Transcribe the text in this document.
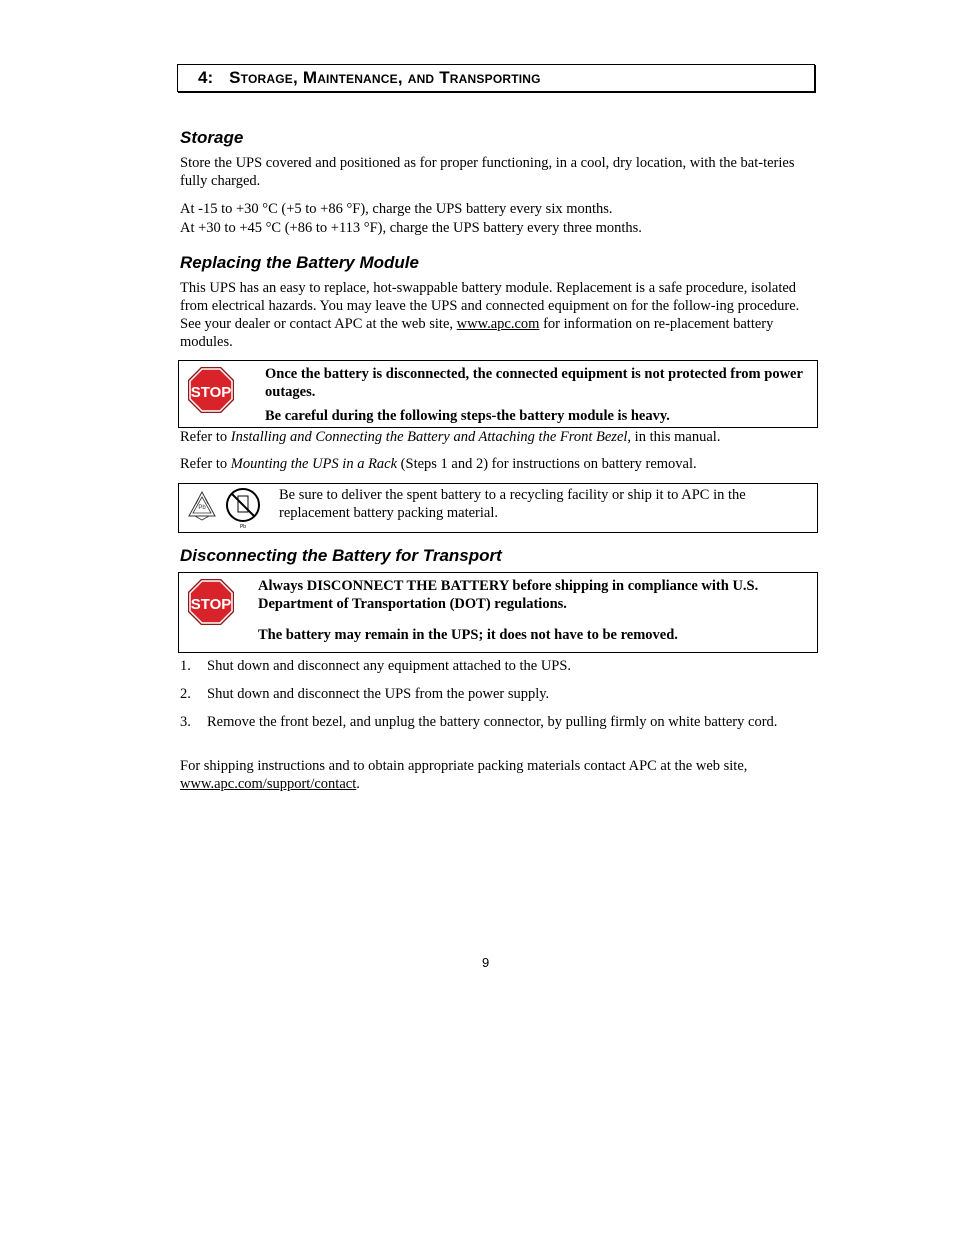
4: Storage, Maintenance, and Transporting
Storage

Store the UPS covered and positioned as for proper functioning, in a cool, dry location, with the bat-teries fully charged.

At -15 to +30 °C (+5 to +86 °F), charge the UPS battery every six months.

At +30 to +45 °C (+86 to +113 °F), charge the UPS battery every three months.

Replacing the Battery Module

This UPS has an easy to replace, hot-swappable battery module. Replacement is a safe procedure, isolated from electrical hazards. You may leave the UPS and connected equipment on for the follow-ing procedure. See your dealer or contact APC at the web site, www.apc.com for information on re-placement battery modules.

STOP
Once the battery is disconnected, the connected equipment is not protected from power outages.
Be careful during the following steps-the battery module is heavy.

Refer to Installing and Connecting the Battery and Attaching the Front Bezel, in this manual.

Refer to Mounting the UPS in a Rack (Steps 1 and 2) for instructions on battery removal.

Pb
Pb
Be sure to deliver the spent battery to a recycling facility or ship it to APC in the replacement battery packing material.
Disconnecting the Battery for Transport
STOP
Always DISCONNECT THE BATTERY before shipping in compliance with U.S. Department of Transportation (DOT) regulations.
The battery may remain in the UPS; it does not have to be removed.
1. Shut down and disconnect any equipment attached to the UPS.
2. Shut down and disconnect the UPS from the power supply.
3. Remove the front bezel, and unplug the battery connector, by pulling firmly on white battery cord.

For shipping instructions and to obtain appropriate packing materials contact APC at the web site, www.apc.com/support/contact.

9
